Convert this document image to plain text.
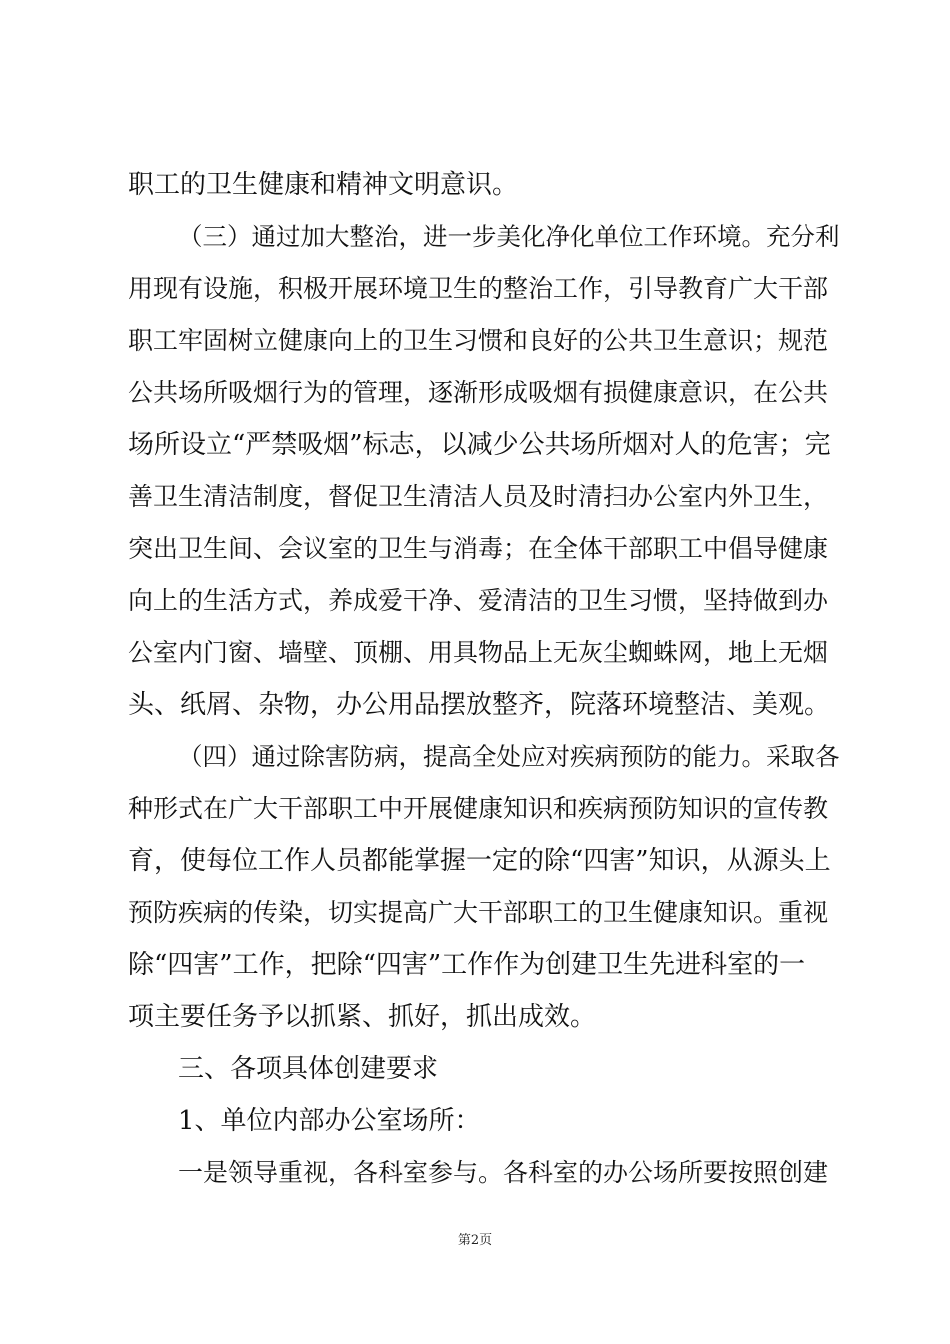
职工的卫生健康和精神文明意识。

（三）通过加大整治，进一步美化净化单位工作环境。充分利

用现有设施，积极开展环境卫生的整治工作，引导教育广大干部

职工牢固树立健康向上的卫生习惯和良好的公共卫生意识；规范

公共场所吸烟行为的管理，逐渐形成吸烟有损健康意识，在公共

场所设立“严禁吸烟”标志，以减少公共场所烟对人的危害；完

善卫生清洁制度，督促卫生清洁人员及时清扫办公室内外卫生，

突出卫生间、会议室的卫生与消毒；在全体干部职工中倡导健康

向上的生活方式，养成爱干净、爱清洁的卫生习惯，坚持做到办

公室内门窗、墙壁、顶棚、用具物品上无灰尘蜘蛛网，地上无烟

头、纸屑、杂物，办公用品摆放整齐，院落环境整洁、美观。

（四）通过除害防病，提高全处应对疾病预防的能力。采取各

种形式在广大干部职工中开展健康知识和疾病预防知识的宣传教

育，使每位工作人员都能掌握一定的除“四害”知识，从源头上

预防疾病的传染，切实提高广大干部职工的卫生健康知识。重视

除“四害”工作，把除“四害”工作作为创建卫生先进科室的一

项主要任务予以抓紧、抓好，抓出成效。

三、各项具体创建要求

1、单位内部办公室场所：

一是领导重视，各科室参与。各科室的办公场所要按照创建

第2页
